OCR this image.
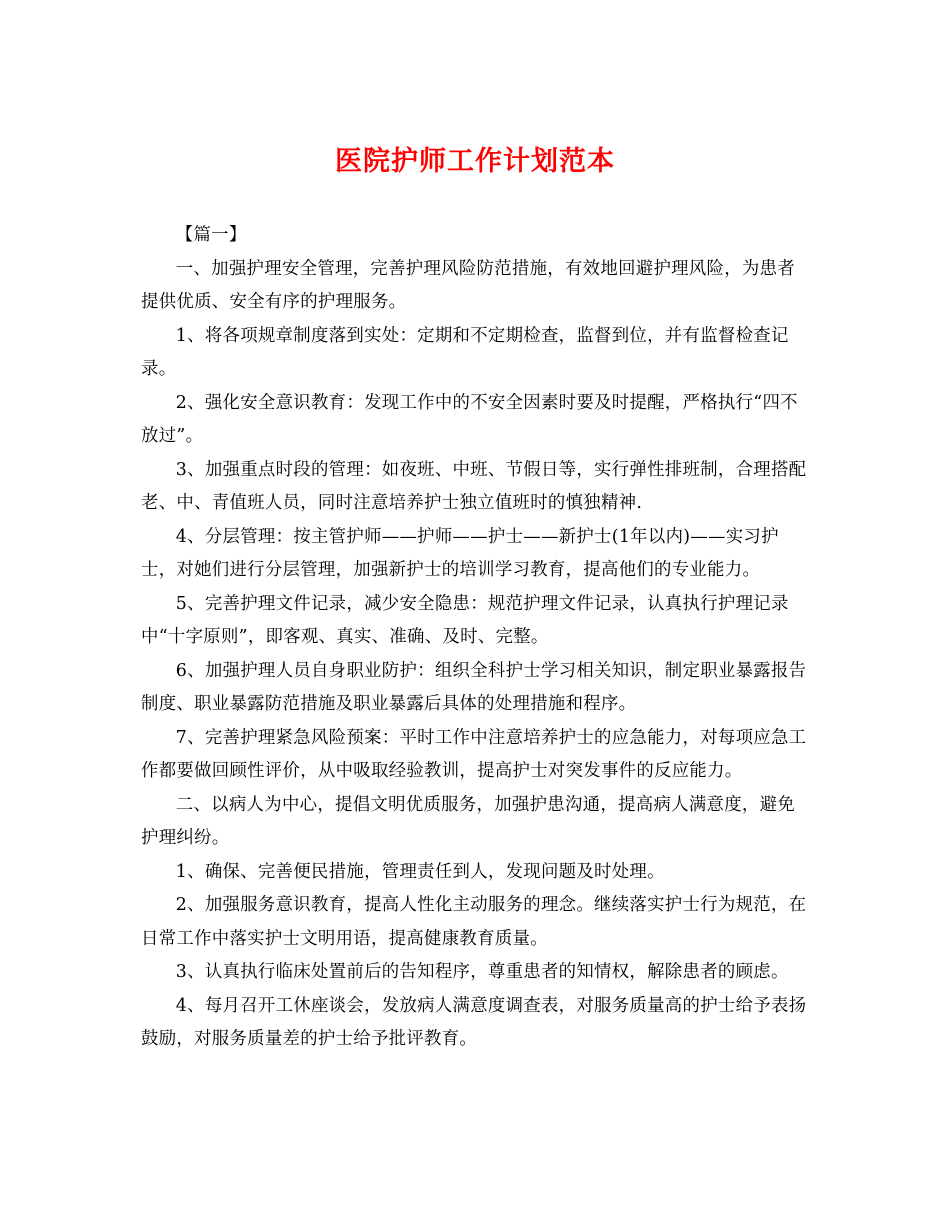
医院护师工作计划范本

【篇一】

一、加强护理安全管理，完善护理风险防范措施，有效地回避护理风险，为患者提供优质、安全有序的护理服务。

1、将各项规章制度落到实处：定期和不定期检查，监督到位，并有监督检查记录。

2、强化安全意识教育：发现工作中的不安全因素时要及时提醒，严格执行“四不放过”。

3、加强重点时段的管理：如夜班、中班、节假日等，实行弹性排班制，合理搭配老、中、青值班人员，同时注意培养护士独立值班时的慎独精神.

4、分层管理：按主管护师——护师——护士——新护士(1年以内)——实习护士，对她们进行分层管理，加强新护士的培训学习教育，提高他们的专业能力。

5、完善护理文件记录，减少安全隐患：规范护理文件记录，认真执行护理记录中“十字原则”，即客观、真实、准确、及时、完整。

6、加强护理人员自身职业防护：组织全科护士学习相关知识，制定职业暴露报告制度、职业暴露防范措施及职业暴露后具体的处理措施和程序。

7、完善护理紧急风险预案：平时工作中注意培养护士的应急能力，对每项应急工作都要做回顾性评价，从中吸取经验教训，提高护士对突发事件的反应能力。

二、以病人为中心，提倡文明优质服务，加强护患沟通，提高病人满意度，避免护理纠纷。

1、确保、完善便民措施，管理责任到人，发现问题及时处理。

2、加强服务意识教育，提高人性化主动服务的理念。继续落实护士行为规范，在日常工作中落实护士文明用语，提高健康教育质量。

3、认真执行临床处置前后的告知程序，尊重患者的知情权，解除患者的顾虑。

4、每月召开工休座谈会，发放病人满意度调查表，对服务质量高的护士给予表扬鼓励，对服务质量差的护士给予批评教育。
